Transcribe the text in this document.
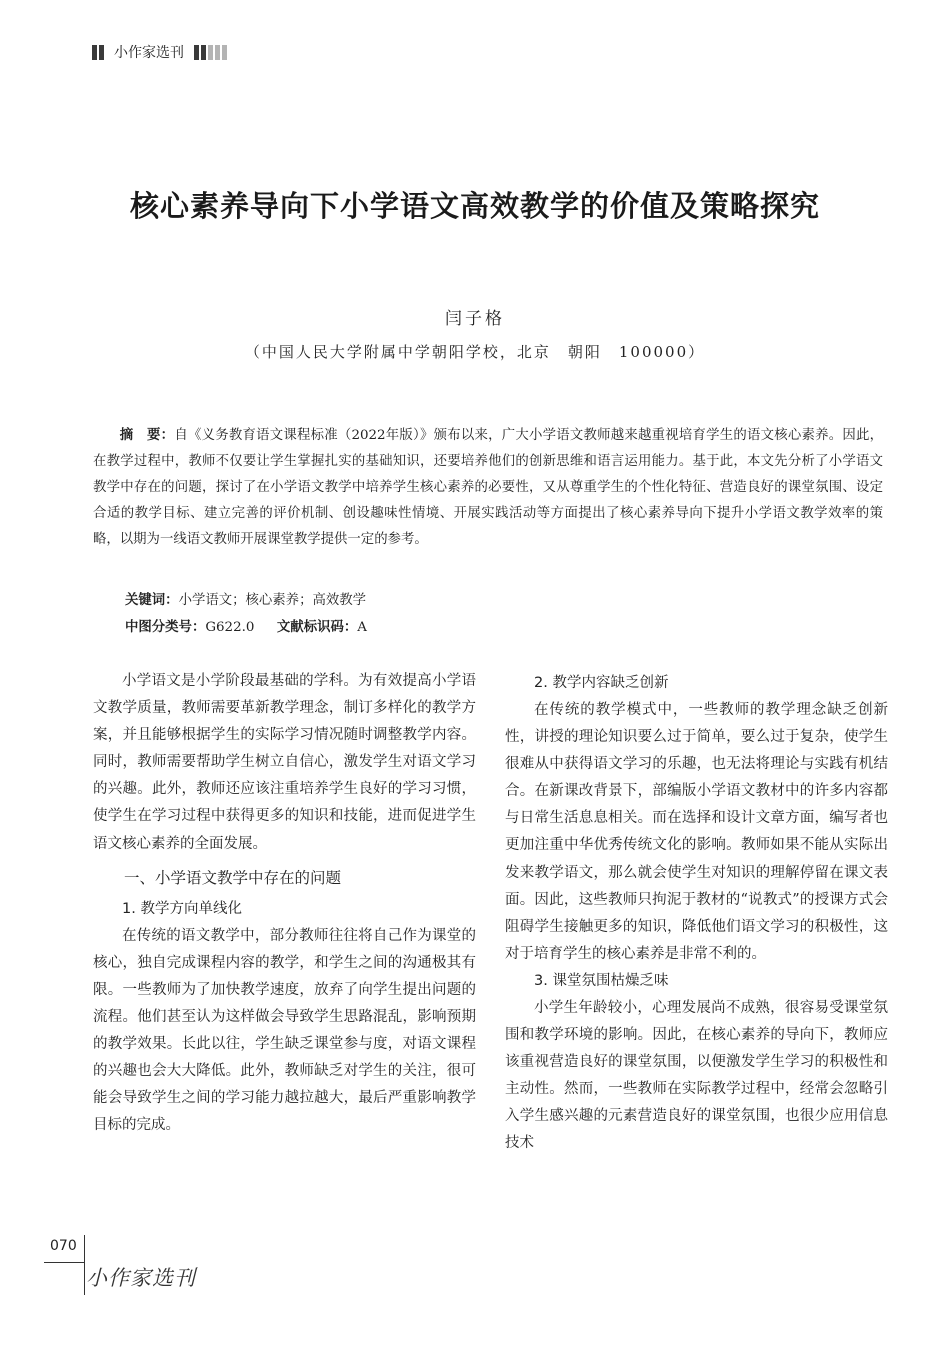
小作家选刊
核心素养导向下小学语文高效教学的价值及策略探究
闫子格
（中国人民大学附属中学朝阳学校，北京　朝阳　100000）
摘　要：自《义务教育语文课程标准（2022年版）》颁布以来，广大小学语文教师越来越重视培育学生的语文核心素养。因此，在教学过程中，教师不仅要让学生掌握扎实的基础知识，还要培养他们的创新思维和语言运用能力。基于此，本文先分析了小学语文教学中存在的问题，探讨了在小学语文教学中培养学生核心素养的必要性，又从尊重学生的个性化特征、营造良好的课堂氛围、设定合适的教学目标、建立完善的评价机制、创设趣味性情境、开展实践活动等方面提出了核心素养导向下提升小学语文教学效率的策略，以期为一线语文教师开展课堂教学提供一定的参考。
关键词：小学语文；核心素养；高效教学
中图分类号：G622.0 文献标识码：A

小学语文是小学阶段最基础的学科。为有效提高小学语文教学质量，教师需要革新教学理念，制订多样化的教学方案，并且能够根据学生的实际学习情况随时调整教学内容。同时，教师需要帮助学生树立自信心，激发学生对语文学习的兴趣。此外，教师还应该注重培养学生良好的学习习惯，使学生在学习过程中获得更多的知识和技能，进而促进学生语文核心素养的全面发展。

一、小学语文教学中存在的问题
1. 教学方向单线化

在传统的语文教学中，部分教师往往将自己作为课堂的核心，独自完成课程内容的教学，和学生之间的沟通极其有限。一些教师为了加快教学速度，放弃了向学生提出问题的流程。他们甚至认为这样做会导致学生思路混乱，影响预期的教学效果。长此以往，学生缺乏课堂参与度，对语文课程的兴趣也会大大降低。此外，教师缺乏对学生的关注，很可能会导致学生之间的学习能力越拉越大，最后严重影响教学目标的完成。

2. 教学内容缺乏创新

在传统的教学模式中，一些教师的教学理念缺乏创新性，讲授的理论知识要么过于简单，要么过于复杂，使学生很难从中获得语文学习的乐趣，也无法将理论与实践有机结合。在新课改背景下，部编版小学语文教材中的许多内容都与日常生活息息相关。而在选择和设计文章方面，编写者也更加注重中华优秀传统文化的影响。教师如果不能从实际出发来教学语文，那么就会使学生对知识的理解停留在课文表面。因此，这些教师只拘泥于教材的“说教式”的授课方式会阻碍学生接触更多的知识，降低他们语文学习的积极性，这对于培育学生的核心素养是非常不利的。

3. 课堂氛围枯燥乏味

小学生年龄较小，心理发展尚不成熟，很容易受课堂氛围和教学环境的影响。因此，在核心素养的导向下，教师应该重视营造良好的课堂氛围，以便激发学生学习的积极性和主动性。然而，一些教师在实际教学过程中，经常会忽略引入学生感兴趣的元素营造良好的课堂氛围，也很少应用信息技术

070
小作家选刊
